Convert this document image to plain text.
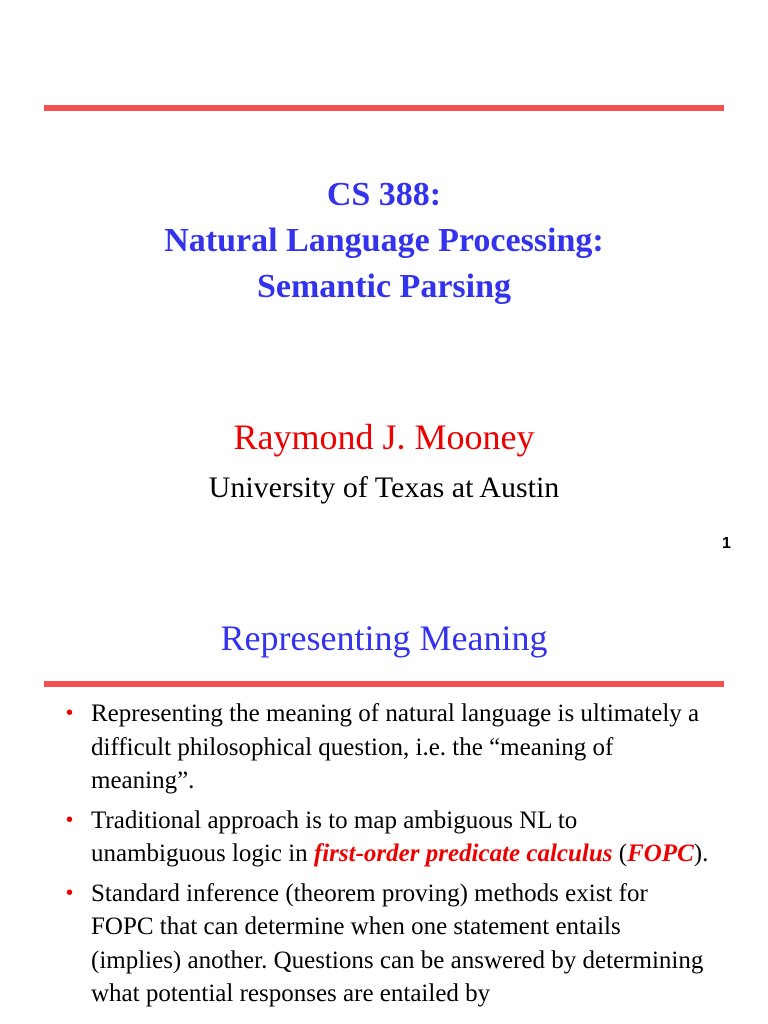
CS 388:
Natural Language Processing:
Semantic Parsing
Raymond J. Mooney
University of Texas at Austin
1
Representing Meaning
• Representing the meaning of natural language is ultimately a difficult philosophical question, i.e. the “meaning of meaning”.
• Traditional approach is to map ambiguous NL to unambiguous logic in first-order predicate calculus (FOPC).
• Standard inference (theorem proving) methods exist for FOPC that can determine when one statement entails (implies) another. Questions can be answered by determining what potential responses are entailed by
